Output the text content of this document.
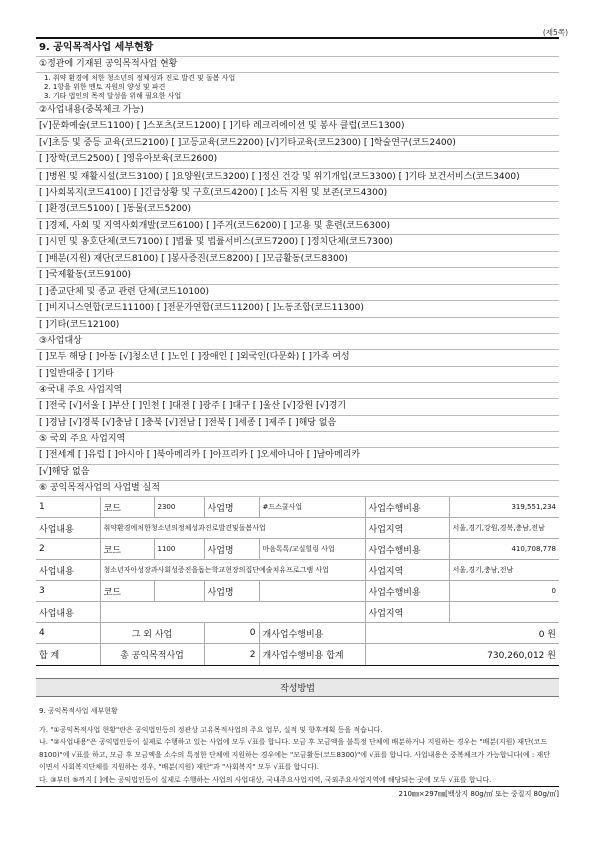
(제5쪽)
9. 공익목적사업 세부현황
①정관에 기재된 공익목적사업 현황
1. 취약 환경에 처한 청소년의 정체성과 진로 발견 및 돌봄 사업
2. 1항을 위한 멘토 자원의 양성 및 파견
3. 기타 법인의 목적 달성을 위해 필요한 사업
②사업내용(중복체크 가능)
[√]문화예술(코드1100) [ ]스포츠(코드1200) [ ]기타 레크리에이션 및 봉사 클럽(코드1300)
[√]초등 및 중등 교육(코드2100) [ ]고등교육(코드2200) [√]기타교육(코드2300) [ ]학술연구(코드2400)
[ ]장학(코드2500) [ ]영유아보육(코드2600)
[ ]병원 및 재활시설(코드3100) [ ]요양원(코드3200) [ ]정신 건강 및 위기개입(코드3300) [ ]기타 보건서비스(코드3400)
[ ]사회복지(코드4100) [ ]긴급상황 및 구호(코드4200) [ ]소득 지원 및 보존(코드4300)
[ ]환경(코드5100) [ ]동물(코드5200)
[ ]경제, 사회 및 지역사회개발(코드6100) [ ]주거(코드6200) [ ]고용 및 훈련(코드6300)
[ ]시민 및 옹호단체(코드7100) [ ]법률 및 법률서비스(코드7200) [ ]정치단체(코드7300)
[ ]배분(지원) 재단(코드8100) [ ]봉사증진(코드8200) [ ]모금활동(코드8300)
[ ]국제활동(코드9100)
[ ]종교단체 및 종교 관련 단체(코드10100)
[ ]비지니스연합(코드11100) [ ]전문가연합(코드11200) [ ]노동조합(코드11300)
[ ]기타(코드12100)
③사업대상
[ ]모두 해당 [ ]아동 [√]청소년 [ ]노인 [ ]장애인 [ ]외국인(다문화) [ ]가족 여성
[ ]일반대중 [ ]기타
④국내 주요 사업지역
[ ]전국 [√]서울 [ ]부산 [ ]인천 [ ]대전 [ ]광주 [ ]대구 [ ]울산 [√]강원 [√]경기
[ ]경남 [√]경북 [√]충남 [ ]충북 [√]전남 [ ]전북 [ ]세종 [ ]제주 [ ]해당 없음
⑤ 국외 주요 사업지역
[ ]전세계 [ ]유럽 [ ]아시아 [ ]북아메리카 [ ]아프리카 [ ]오세아니아 [ ]남아메리카
[√]해당 없음
⑥ 공익목적사업의 사업별 실적
1	코드	2300	사업명	#드스쿨사업	사업수행비용	319,551,234
사업내용	취약환경에처한청소년의정체성과진로발견및돌봄사업				사업지역	서울,경기,강원,경북,충남,전남
2	코드	1100	사업명	마음톡톡/교실힐링 사업	사업수행비용	410,708,778
사업내용	청소년자아성장과사회성증진을돕는학교현장의집단예술치유프로그램 사업				사업지역	서울,경기,충남,전남
3	코드		사업명		사업수행비용	0
사업내용					사업지역	
4	그 외 사업		0	개사업수행비용	0 원	
합 계	총 공익목적사업		2	개사업수행비용 합계	730,260,012 원	
작성방법

9. 공익목적사업 세부현황

가. "①공익목적사업 현황"란은 공익법인등의 정관상 고유목적사업의 주요 업무, 실적 및 향후계획 등을 적습니다.

나. "②사업내용"은 공익법인등이 실제로 수행하고 있는 사업에 모두 √표를 합니다. 모금 후 모금액을 불특정 단체에 배분하거나 지원하는 경우는 "배분(지원) 재단(코드8100)"에 √표를 하고, 모금 후 모금액을 소수의 특정한 단체에 지원하는 경우에는 "모금활동(코드8300)"에 √표를 합니다. 사업내용은 중복체크가 가능합니다(예 : 재단이면서 사회복지단체를 지원하는 경우, "배분(지원) 재단"과 "사회복지" 모두 √표를 합니다).

다. ③부터 ⑤까지 [ ]에는 공익법인등이 실제로 수행하는 사업의 사업대상, 국내주요사업지역, 국외주요사업지역에 해당되는 곳에 모두 √표를 합니다.

210㎜×297㎜[백상지 80g/㎡ 또는 중질지 80g/㎡]
